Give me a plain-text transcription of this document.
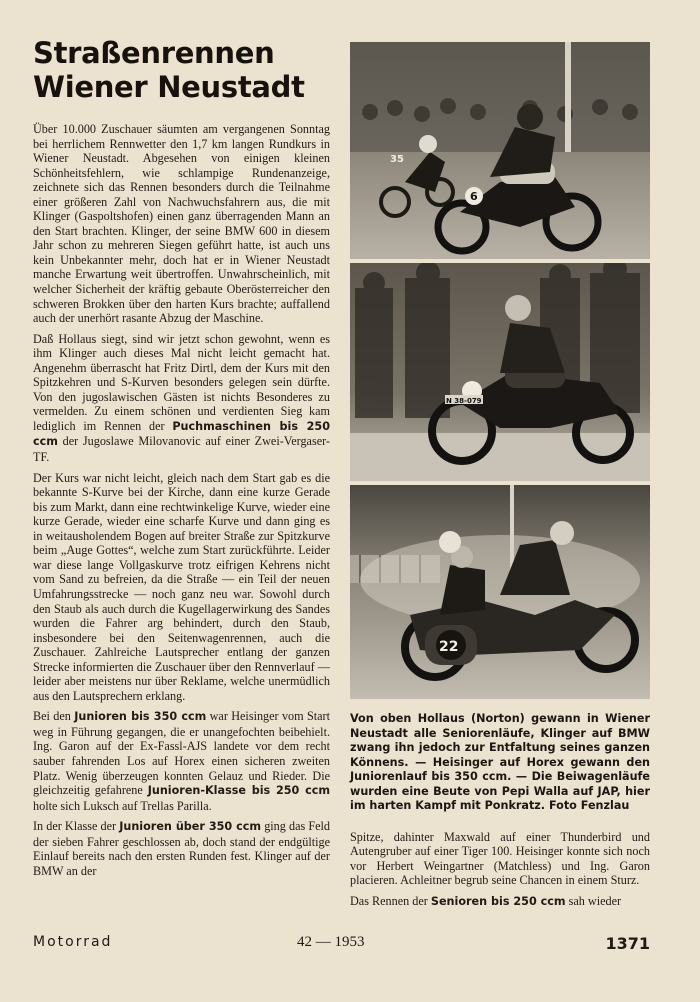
Straßenrennen
Wiener Neustadt

Über 10.000 Zuschauer säumten am vergangenen Sonntag bei herrlichem Rennwetter den 1,7 km langen Rundkurs in Wiener Neustadt. Abgesehen von einigen kleinen Schönheitsfehlern, wie schlampige Rundenanzeige, zeichnete sich das Rennen besonders durch die Teilnahme einer größeren Zahl von Nachwuchsfahrern aus, die mit Klinger (Gaspoltshofen) einen ganz überragenden Mann an den Start brachten. Klinger, der seine BMW 600 in diesem Jahr schon zu mehreren Siegen geführt hatte, ist auch uns kein Unbekannter mehr, doch hat er in Wiener Neustadt manche Erwartung weit übertroffen. Unwahrscheinlich, mit welcher Sicherheit der kräftig gebaute Oberösterreicher den schweren Brokken über den harten Kurs brachte; auffallend auch der unerhört rasante Abzug der Maschine.

Daß Hollaus siegt, sind wir jetzt schon gewohnt, wenn es ihm Klinger auch dieses Mal nicht leicht gemacht hat. Angenehm überrascht hat Fritz Dirtl, dem der Kurs mit den Spitzkehren und S-Kurven besonders gelegen sein dürfte. Von den jugoslawischen Gästen ist nichts Besonderes zu vermelden. Zu einem schönen und verdienten Sieg kam lediglich im Rennen der Puchmaschinen bis 250 ccm der Jugoslawe Milovanovic auf einer Zwei-Vergaser-TF.

Der Kurs war nicht leicht, gleich nach dem Start gab es die bekannte S-Kurve bei der Kirche, dann eine kurze Gerade bis zum Markt, dann eine rechtwinkelige Kurve, wieder eine kurze Gerade, wieder eine scharfe Kurve und dann ging es in weitausholendem Bogen auf breiter Straße zur Spitzkurve beim „Auge Gottes“, welche zum Start zurückführte. Leider war diese lange Vollgaskurve trotz eifrigen Kehrens nicht vom Sand zu befreien, da die Straße — ein Teil der neuen Umfahrungsstrecke — noch ganz neu war. Sowohl durch den Staub als auch durch die Kugellagerwirkung des Sandes wurden die Fahrer arg behindert, durch den Staub, insbesondere bei den Seitenwagenrennen, auch die Zuschauer. Zahlreiche Lautsprecher entlang der ganzen Strecke informierten die Zuschauer über den Rennverlauf — leider aber meistens nur über Reklame, welche unermüdlich aus den Lautsprechern erklang.

Bei den Junioren bis 350 ccm war Heisinger vom Start weg in Führung gegangen, die er unangefochten beibehielt. Ing. Garon auf der Ex-Fassl-AJS landete vor dem recht sauber fahrenden Los auf Horex einen sicheren zweiten Platz. Wenig überzeugen konnten Gelauz und Rieder. Die gleichzeitig gefahrene Junioren-Klasse bis 250 ccm holte sich Luksch auf Trellas Parilla.

In der Klasse der Junioren über 350 ccm ging das Feld der sieben Fahrer geschlossen ab, doch stand der endgültige Einlauf bereits nach den ersten Runden fest. Klinger auf der BMW an der

35
6
N 38-079
22

Von oben Hollaus (Norton) gewann in Wiener Neustadt alle Seniorenläufe, Klinger auf BMW zwang ihn jedoch zur Entfaltung seines ganzen Könnens. — Heisinger auf Horex gewann den Juniorenlauf bis 350 ccm. — Die Beiwagenläufe wurden eine Beute von Pepi Walla auf JAP, hier im harten Kampf mit Ponkratz. Foto Fenzlau

Spitze, dahinter Maxwald auf einer Thunderbird und Autengruber auf einer Tiger 100. Heisinger konnte sich noch vor Herbert Weingartner (Matchless) und Ing. Garon placieren. Achleitner begrub seine Chancen in einem Sturz.

Das Rennen der Senioren bis 250 ccm sah wieder

Motorrad	42 — 1953	1371
